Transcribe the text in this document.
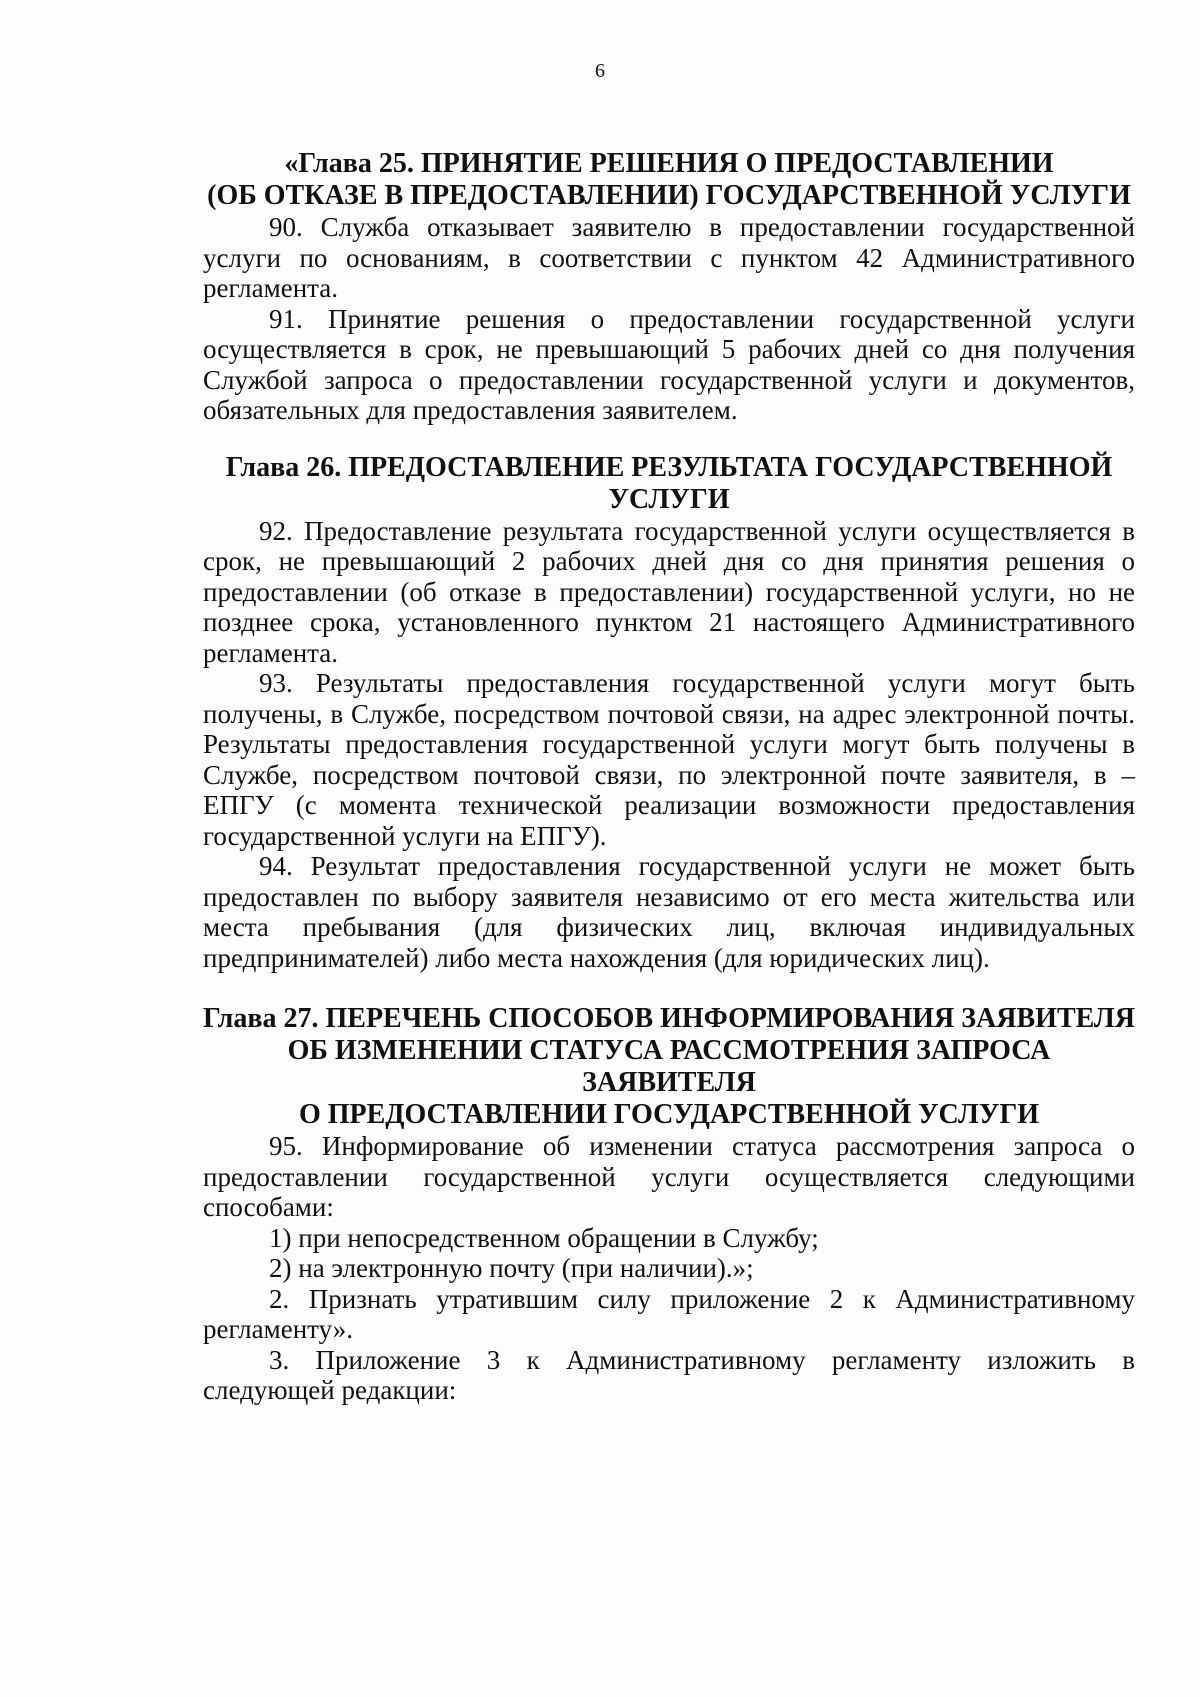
6
«Глава 25. ПРИНЯТИЕ РЕШЕНИЯ О ПРЕДОСТАВЛЕНИИ
(ОБ ОТКАЗЕ В ПРЕДОСТАВЛЕНИИ) ГОСУДАРСТВЕННОЙ УСЛУГИ

90. Служба отказывает заявителю в предоставлении государственной услуги по основаниям, в соответствии с пунктом 42 Административного регламента.

91. Принятие решения о предоставлении государственной услуги осуществляется в срок, не превышающий 5 рабочих дней со дня получения Службой запроса о предоставлении государственной услуги и документов, обязательных для предоставления заявителем.

Глава 26. ПРЕДОСТАВЛЕНИЕ РЕЗУЛЬТАТА ГОСУДАРСТВЕННОЙ
УСЛУГИ

92. Предоставление результата государственной услуги осуществляется в срок, не превышающий 2 рабочих дней дня со дня принятия решения о предоставлении (об отказе в предоставлении) государственной услуги, но не позднее срока, установленного пунктом 21 настоящего Административного регламента.

93. Результаты предоставления государственной услуги могут быть получены, в Службе, посредством почтовой связи, на адрес электронной почты. Результаты предоставления государственной услуги могут быть получены в Службе, посредством почтовой связи, по электронной почте заявителя, в – ЕПГУ (с момента технической реализации возможности предоставления государственной услуги на ЕПГУ).

94. Результат предоставления государственной услуги не может быть предоставлен по выбору заявителя независимо от его места жительства или места пребывания (для физических лиц, включая индивидуальных предпринимателей) либо места нахождения (для юридических лиц).

Глава 27. ПЕРЕЧЕНЬ СПОСОБОВ ИНФОРМИРОВАНИЯ ЗАЯВИТЕЛЯ
ОБ ИЗМЕНЕНИИ СТАТУСА РАССМОТРЕНИЯ ЗАПРОСА ЗАЯВИТЕЛЯ
О ПРЕДОСТАВЛЕНИИ ГОСУДАРСТВЕННОЙ УСЛУГИ

95. Информирование об изменении статуса рассмотрения запроса о предоставлении государственной услуги осуществляется следующими способами:

1) при непосредственном обращении в Службу;

2) на электронную почту (при наличии).»;

2. Признать утратившим силу приложение 2 к Административному регламенту».

3. Приложение 3 к Административному регламенту изложить в следующей редакции:
